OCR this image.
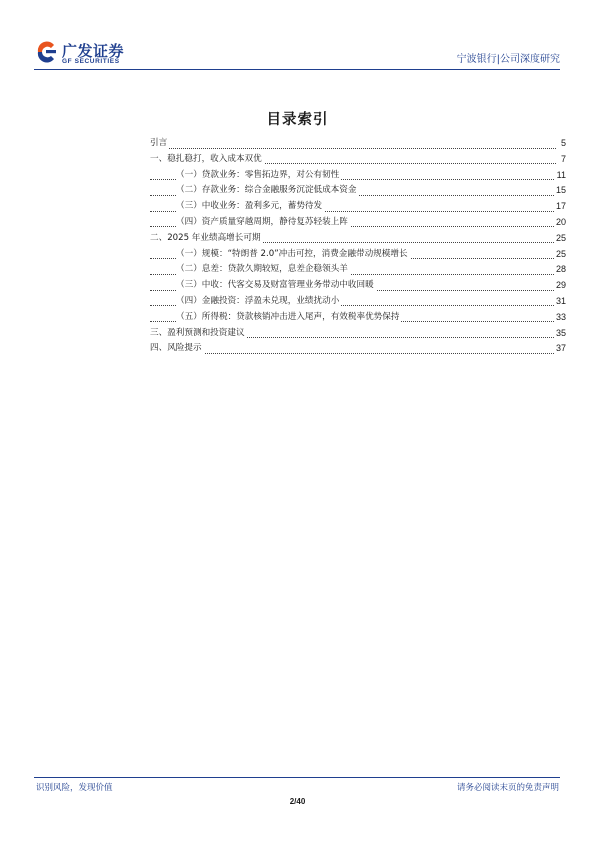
广发证券
GF SECURITIES	宁波银行|公司深度研究
目录索引
引言	5
一、稳扎稳打，收入成本双优	7
（一）贷款业务：零售拓边界，对公有韧性	11
（二）存款业务：综合金融服务沉淀低成本资金	15
（三）中收业务：盈利多元，蓄势待发	17
（四）资产质量穿越周期，静待复苏轻装上阵	20
二、2025 年业绩高增长可期	25
（一）规模：“特朗普 2.0”冲击可控，消费金融带动规模增长	25
（二）息差：贷款久期较短，息差企稳领头羊	28
（三）中收：代客交易及财富管理业务带动中收回暖	29
（四）金融投资：浮盈未兑现，业绩扰动小	31
（五）所得税：贷款核销冲击进入尾声，有效税率优势保持	33
三、盈利预测和投资建议	35
四、风险提示	37
识别风险，发现价值	请务必阅读末页的免责声明
2/40
